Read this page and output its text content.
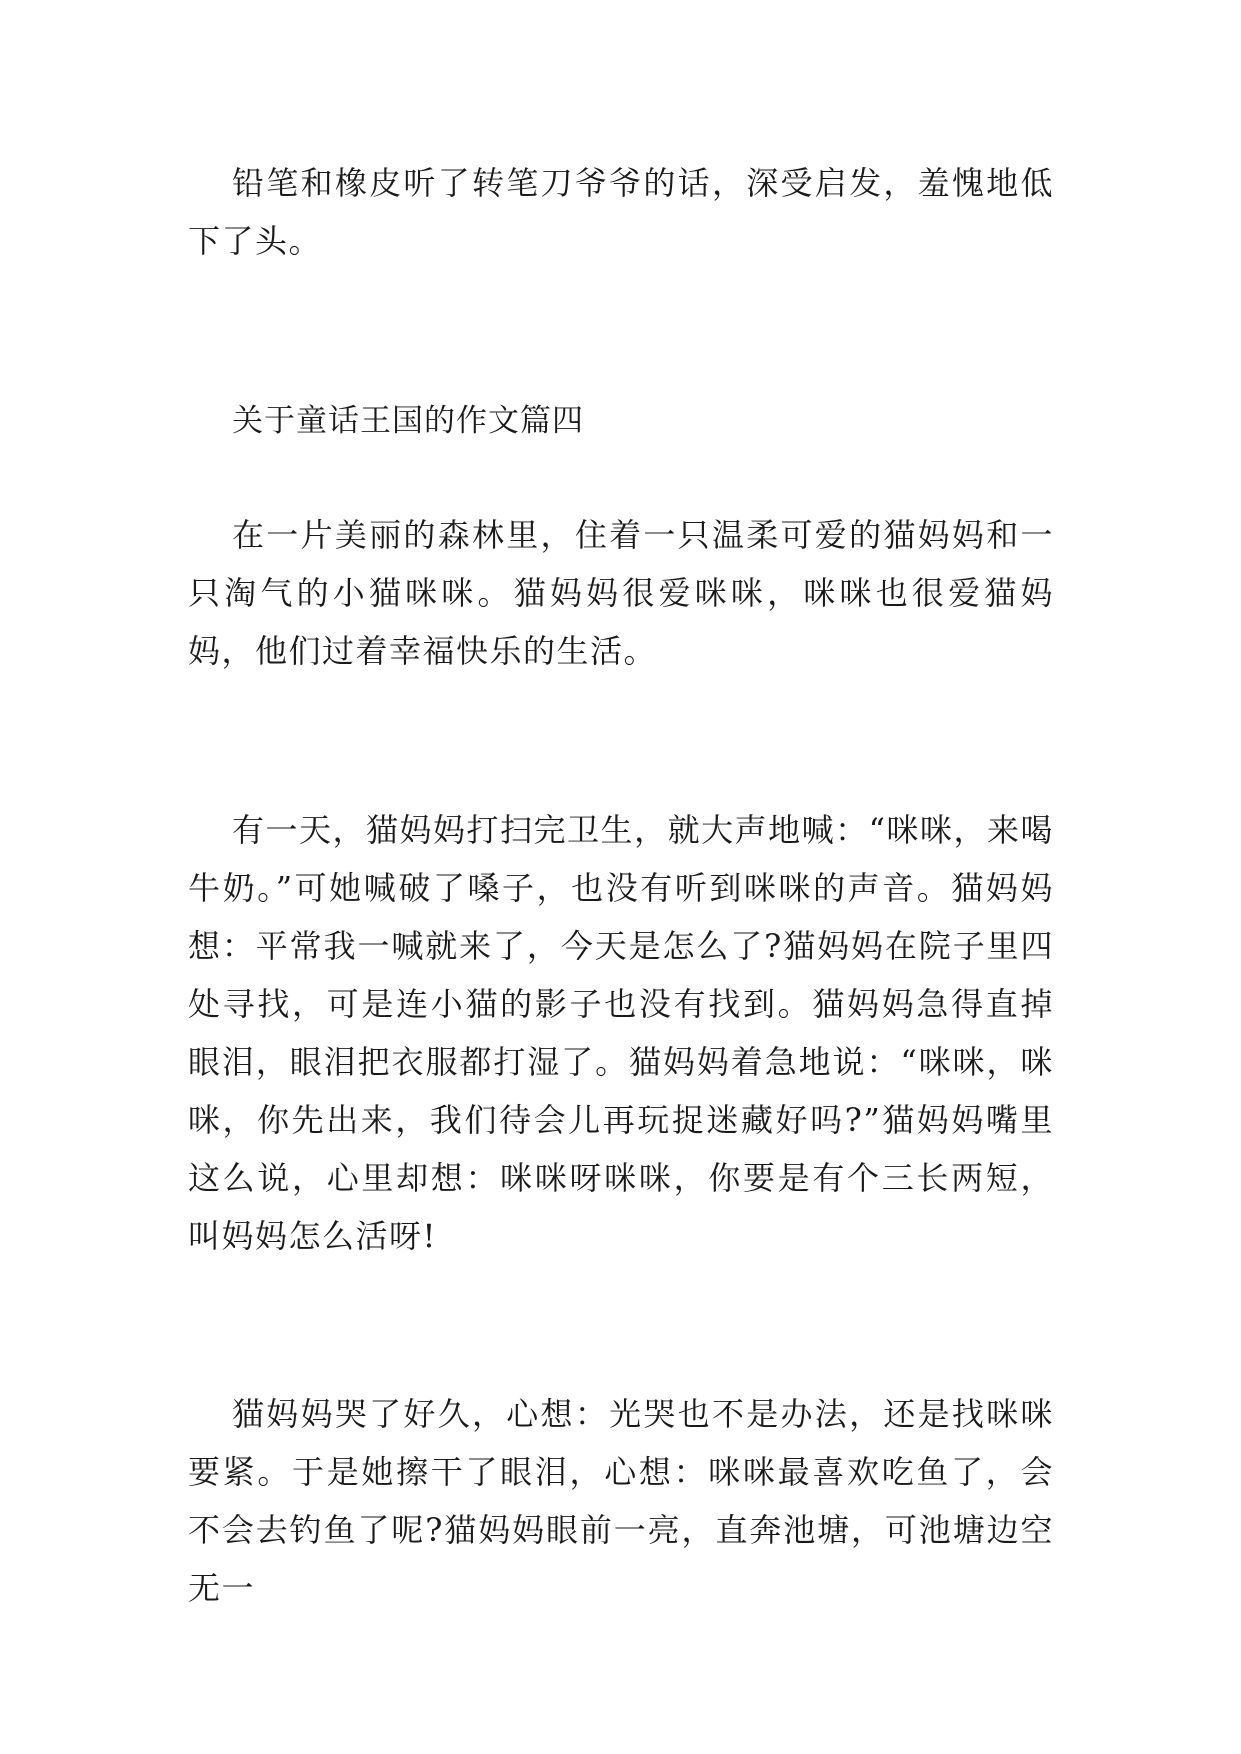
铅笔和橡皮听了转笔刀爷爷的话，深受启发，羞愧地低下了头。

关于童话王国的作文篇四

在一片美丽的森林里，住着一只温柔可爱的猫妈妈和一只淘气的小猫咪咪。猫妈妈很爱咪咪，咪咪也很爱猫妈妈，他们过着幸福快乐的生活。

有一天，猫妈妈打扫完卫生，就大声地喊：“咪咪，来喝牛奶。”可她喊破了嗓子，也没有听到咪咪的声音。猫妈妈想：平常我一喊就来了，今天是怎么了?猫妈妈在院子里四处寻找，可是连小猫的影子也没有找到。猫妈妈急得直掉眼泪，眼泪把衣服都打湿了。猫妈妈着急地说：“咪咪，咪咪，你先出来，我们待会儿再玩捉迷藏好吗?”猫妈妈嘴里这么说，心里却想：咪咪呀咪咪，你要是有个三长两短，叫妈妈怎么活呀!

猫妈妈哭了好久，心想：光哭也不是办法，还是找咪咪要紧。于是她擦干了眼泪，心想：咪咪最喜欢吃鱼了，会不会去钓鱼了呢?猫妈妈眼前一亮，直奔池塘，可池塘边空无一
